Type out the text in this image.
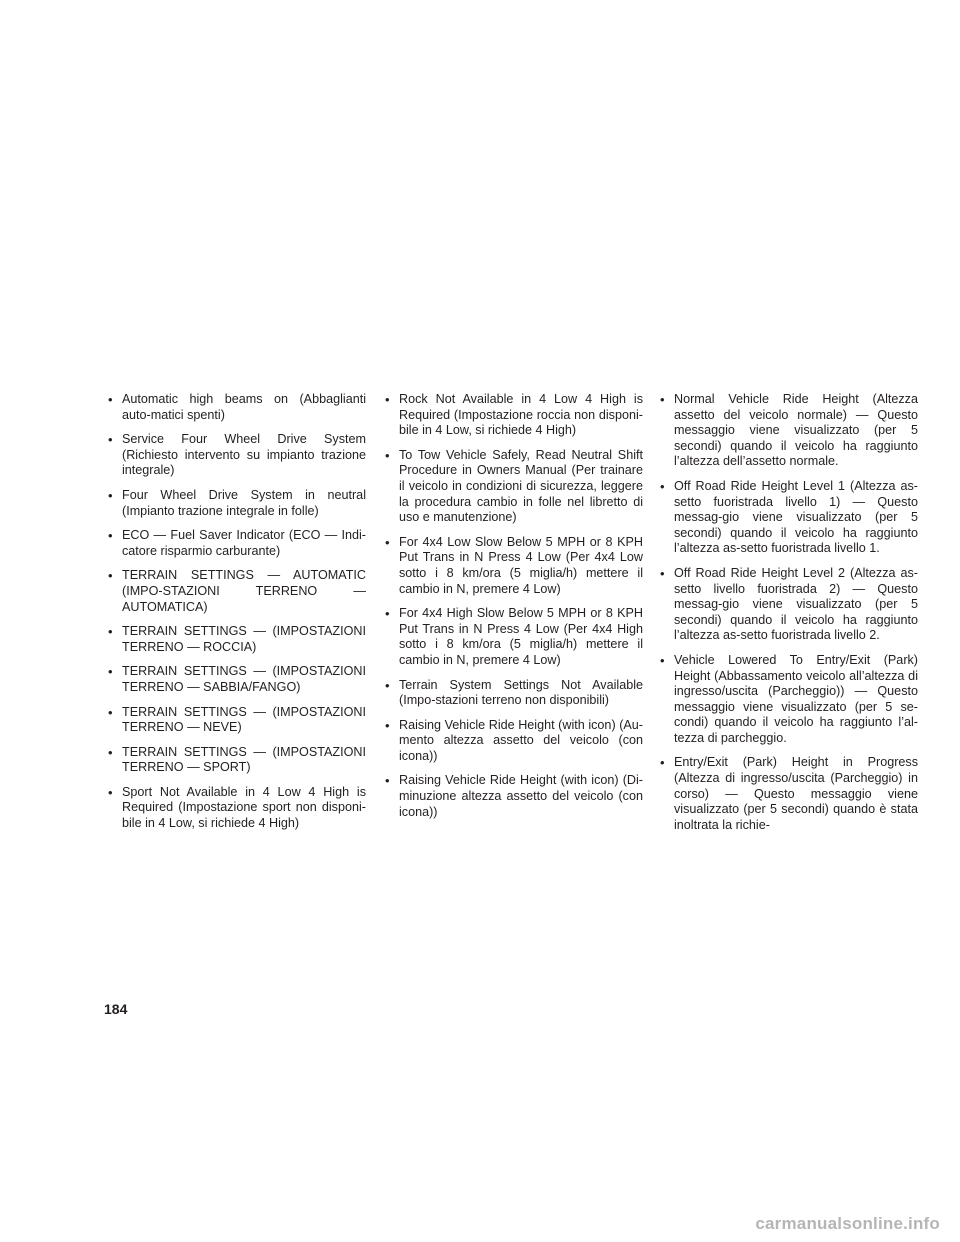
• Automatic high beams on (Abbaglianti auto-matici spenti)
• Service Four Wheel Drive System (Richiesto intervento su impianto trazione integrale)
• Four Wheel Drive System in neutral (Impianto trazione integrale in folle)
• ECO — Fuel Saver Indicator (ECO — Indi-catore risparmio carburante)
• TERRAIN SETTINGS — AUTOMATIC (IMPO-STAZIONI TERRENO — AUTOMATICA)
• TERRAIN SETTINGS — (IMPOSTAZIONI TERRENO — ROCCIA)
• TERRAIN SETTINGS — (IMPOSTAZIONI TERRENO — SABBIA/FANGO)
• TERRAIN SETTINGS — (IMPOSTAZIONI TERRENO — NEVE)
• TERRAIN SETTINGS — (IMPOSTAZIONI TERRENO — SPORT)
• Sport Not Available in 4 Low 4 High is Required (Impostazione sport non disponi-bile in 4 Low, si richiede 4 High)
• Rock Not Available in 4 Low 4 High is Required (Impostazione roccia non disponi-bile in 4 Low, si richiede 4 High)
• To Tow Vehicle Safely, Read Neutral Shift Procedure in Owners Manual (Per trainare il veicolo in condizioni di sicurezza, leggere la procedura cambio in folle nel libretto di uso e manutenzione)
• For 4x4 Low Slow Below 5 MPH or 8 KPH Put Trans in N Press 4 Low (Per 4x4 Low sotto i 8 km/ora (5 miglia/h) mettere il cambio in N, premere 4 Low)
• For 4x4 High Slow Below 5 MPH or 8 KPH Put Trans in N Press 4 Low (Per 4x4 High sotto i 8 km/ora (5 miglia/h) mettere il cambio in N, premere 4 Low)
• Terrain System Settings Not Available (Impo-stazioni terreno non disponibili)
• Raising Vehicle Ride Height (with icon) (Au-mento altezza assetto del veicolo (con icona))
• Raising Vehicle Ride Height (with icon) (Di-minuzione altezza assetto del veicolo (con icona))
• Normal Vehicle Ride Height (Altezza assetto del veicolo normale) — Questo messaggio viene visualizzato (per 5 secondi) quando il veicolo ha raggiunto l’altezza dell’assetto normale.
• Off Road Ride Height Level 1 (Altezza as-setto fuoristrada livello 1) — Questo messag-gio viene visualizzato (per 5 secondi) quando il veicolo ha raggiunto l’altezza as-setto fuoristrada livello 1.
• Off Road Ride Height Level 2 (Altezza as-setto livello fuoristrada 2) — Questo messag-gio viene visualizzato (per 5 secondi) quando il veicolo ha raggiunto l’altezza as-setto fuoristrada livello 2.
• Vehicle Lowered To Entry/Exit (Park) Height (Abbassamento veicolo all’altezza di ingresso/uscita (Parcheggio)) — Questo messaggio viene visualizzato (per 5 se-condi) quando il veicolo ha raggiunto l’al-tezza di parcheggio.
• Entry/Exit (Park) Height in Progress (Altezza di ingresso/uscita (Parcheggio) in corso) — Questo messaggio viene visualizzato (per 5 secondi) quando è stata inoltrata la richie-
184
carmanualsonline.info
